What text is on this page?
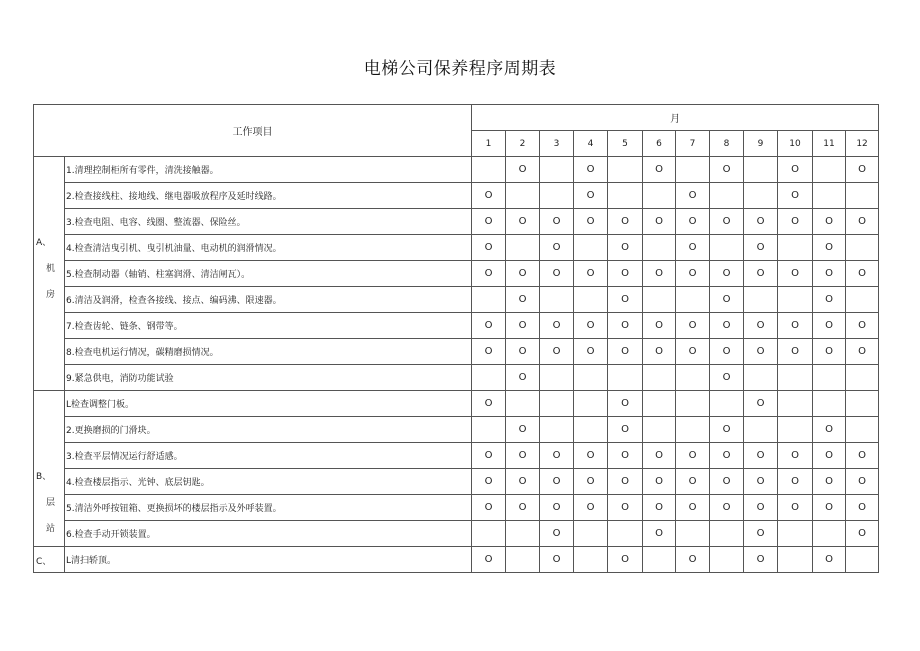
电梯公司保养程序周期表
工作项目		月											
		1	2	3	4	5	6	7	8	9	10	11	12

A、
机
房	1.清理控制柜所有零件，清洗接触器。		O		O		O		O		O		O
	2.检查接线柱、接地线、继电器吸放程序及延时线路。	O			O			O			O		
	3.检查电阻、电容、线圈、整流器、保险丝。	O	O	O	O	O	O	O	O	O	O	O	O
	4.检查清洁曳引机、曳引机油量、电动机的润滑情况。	O		O		O		O		O		O	
	5.检查制动器（轴销、柱塞润滑、清洁闸瓦）。	O	O	O	O	O	O	O	O	O	O	O	O
	6.清洁及润滑，检查各接线、接点、编码沸、限速器。		O			O			O			O	
	7.检查齿轮、链条、钢带等。	O	O	O	O	O	O	O	O	O	O	O	O
	8.检查电机运行情况，碳精磨损情况。	O	O	O	O	O	O	O	O	O	O	O	O
	9.紧急供电，消防功能试验		O						O				

B、
层
站	L检查调整门板。	O				O				O			
	2.更换磨损的门滑块。		O			O			O			O	
	3.检查平层情况运行舒适感。	O	O	O	O	O	O	O	O	O	O	O	O
	4.检查楼层指示、光钟、底层钥匙。	O	O	O	O	O	O	O	O	O	O	O	O
	5.清洁外呼按钮箱、更换损坏的楼层指示及外呼装置。	O	O	O	O	O	O	O	O	O	O	O	O
	6.检查手动开锁装置。			O			O			O			O

C、	L清扫轿顶。	O		O		O		O		O		O	
